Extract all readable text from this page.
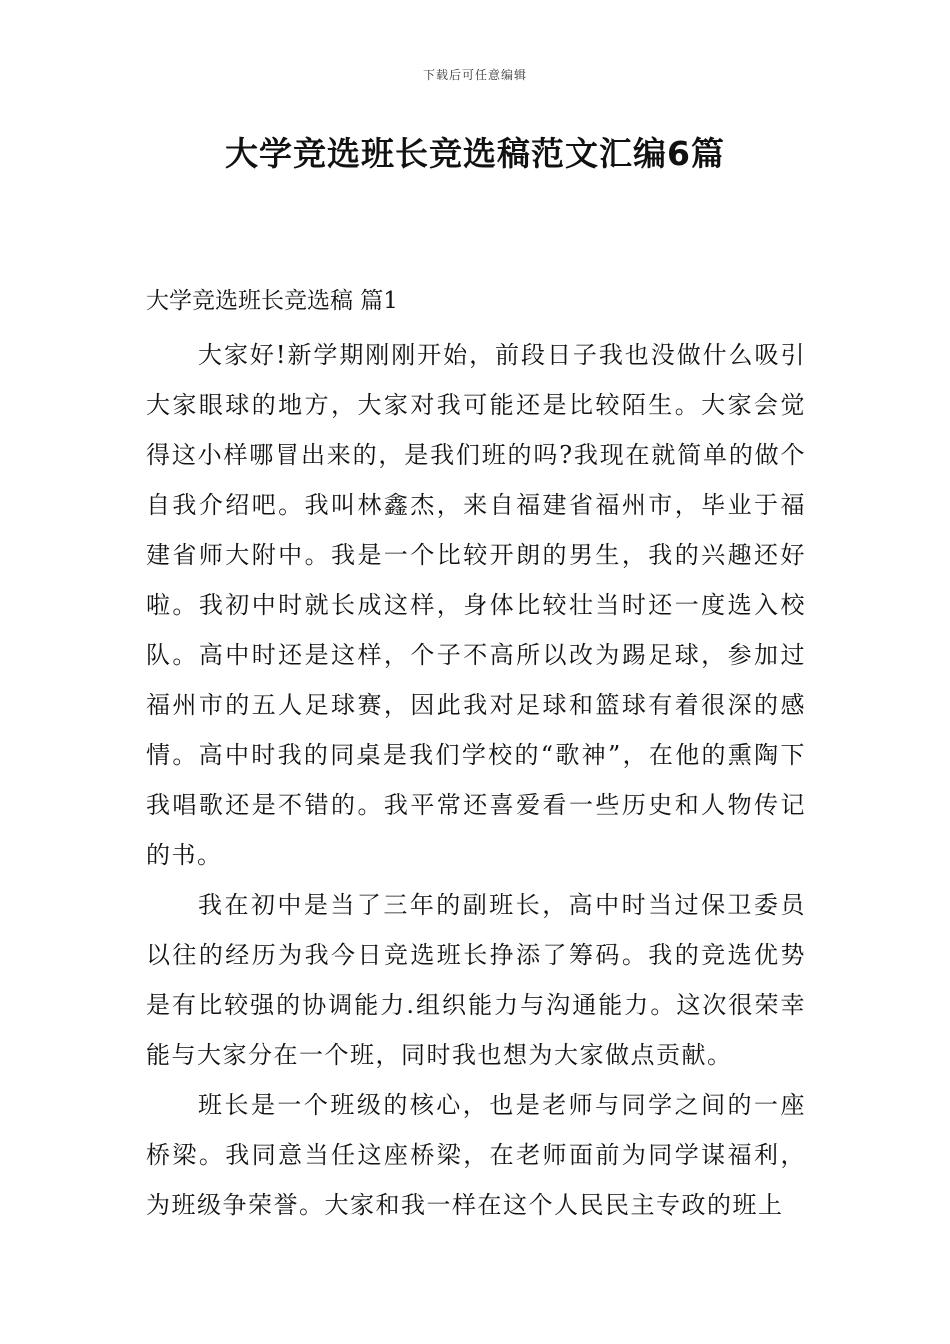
下载后可任意编辑
大学竞选班长竞选稿范文汇编6篇
大学竞选班长竞选稿 篇1

大家好!新学期刚刚开始，前段日子我也没做什么吸引大家眼球的地方，大家对我可能还是比较陌生。大家会觉得这小样哪冒出来的，是我们班的吗?我现在就简单的做个自我介绍吧。我叫林鑫杰，来自福建省福州市，毕业于福建省师大附中。我是一个比较开朗的男生，我的兴趣还好啦。我初中时就长成这样，身体比较壮当时还一度选入校队。高中时还是这样，个子不高所以改为踢足球，参加过福州市的五人足球赛，因此我对足球和篮球有着很深的感情。高中时我的同桌是我们学校的“歌神”，在他的熏陶下我唱歌还是不错的。我平常还喜爱看一些历史和人物传记的书。

我在初中是当了三年的副班长，高中时当过保卫委员以往的经历为我今日竞选班长挣添了筹码。我的竞选优势是有比较强的协调能力.组织能力与沟通能力。这次很荣幸能与大家分在一个班，同时我也想为大家做点贡献。

班长是一个班级的核心，也是老师与同学之间的一座桥梁。我同意当任这座桥梁，在老师面前为同学谋福利，为班级争荣誉。大家和我一样在这个人民民主专政的班上
